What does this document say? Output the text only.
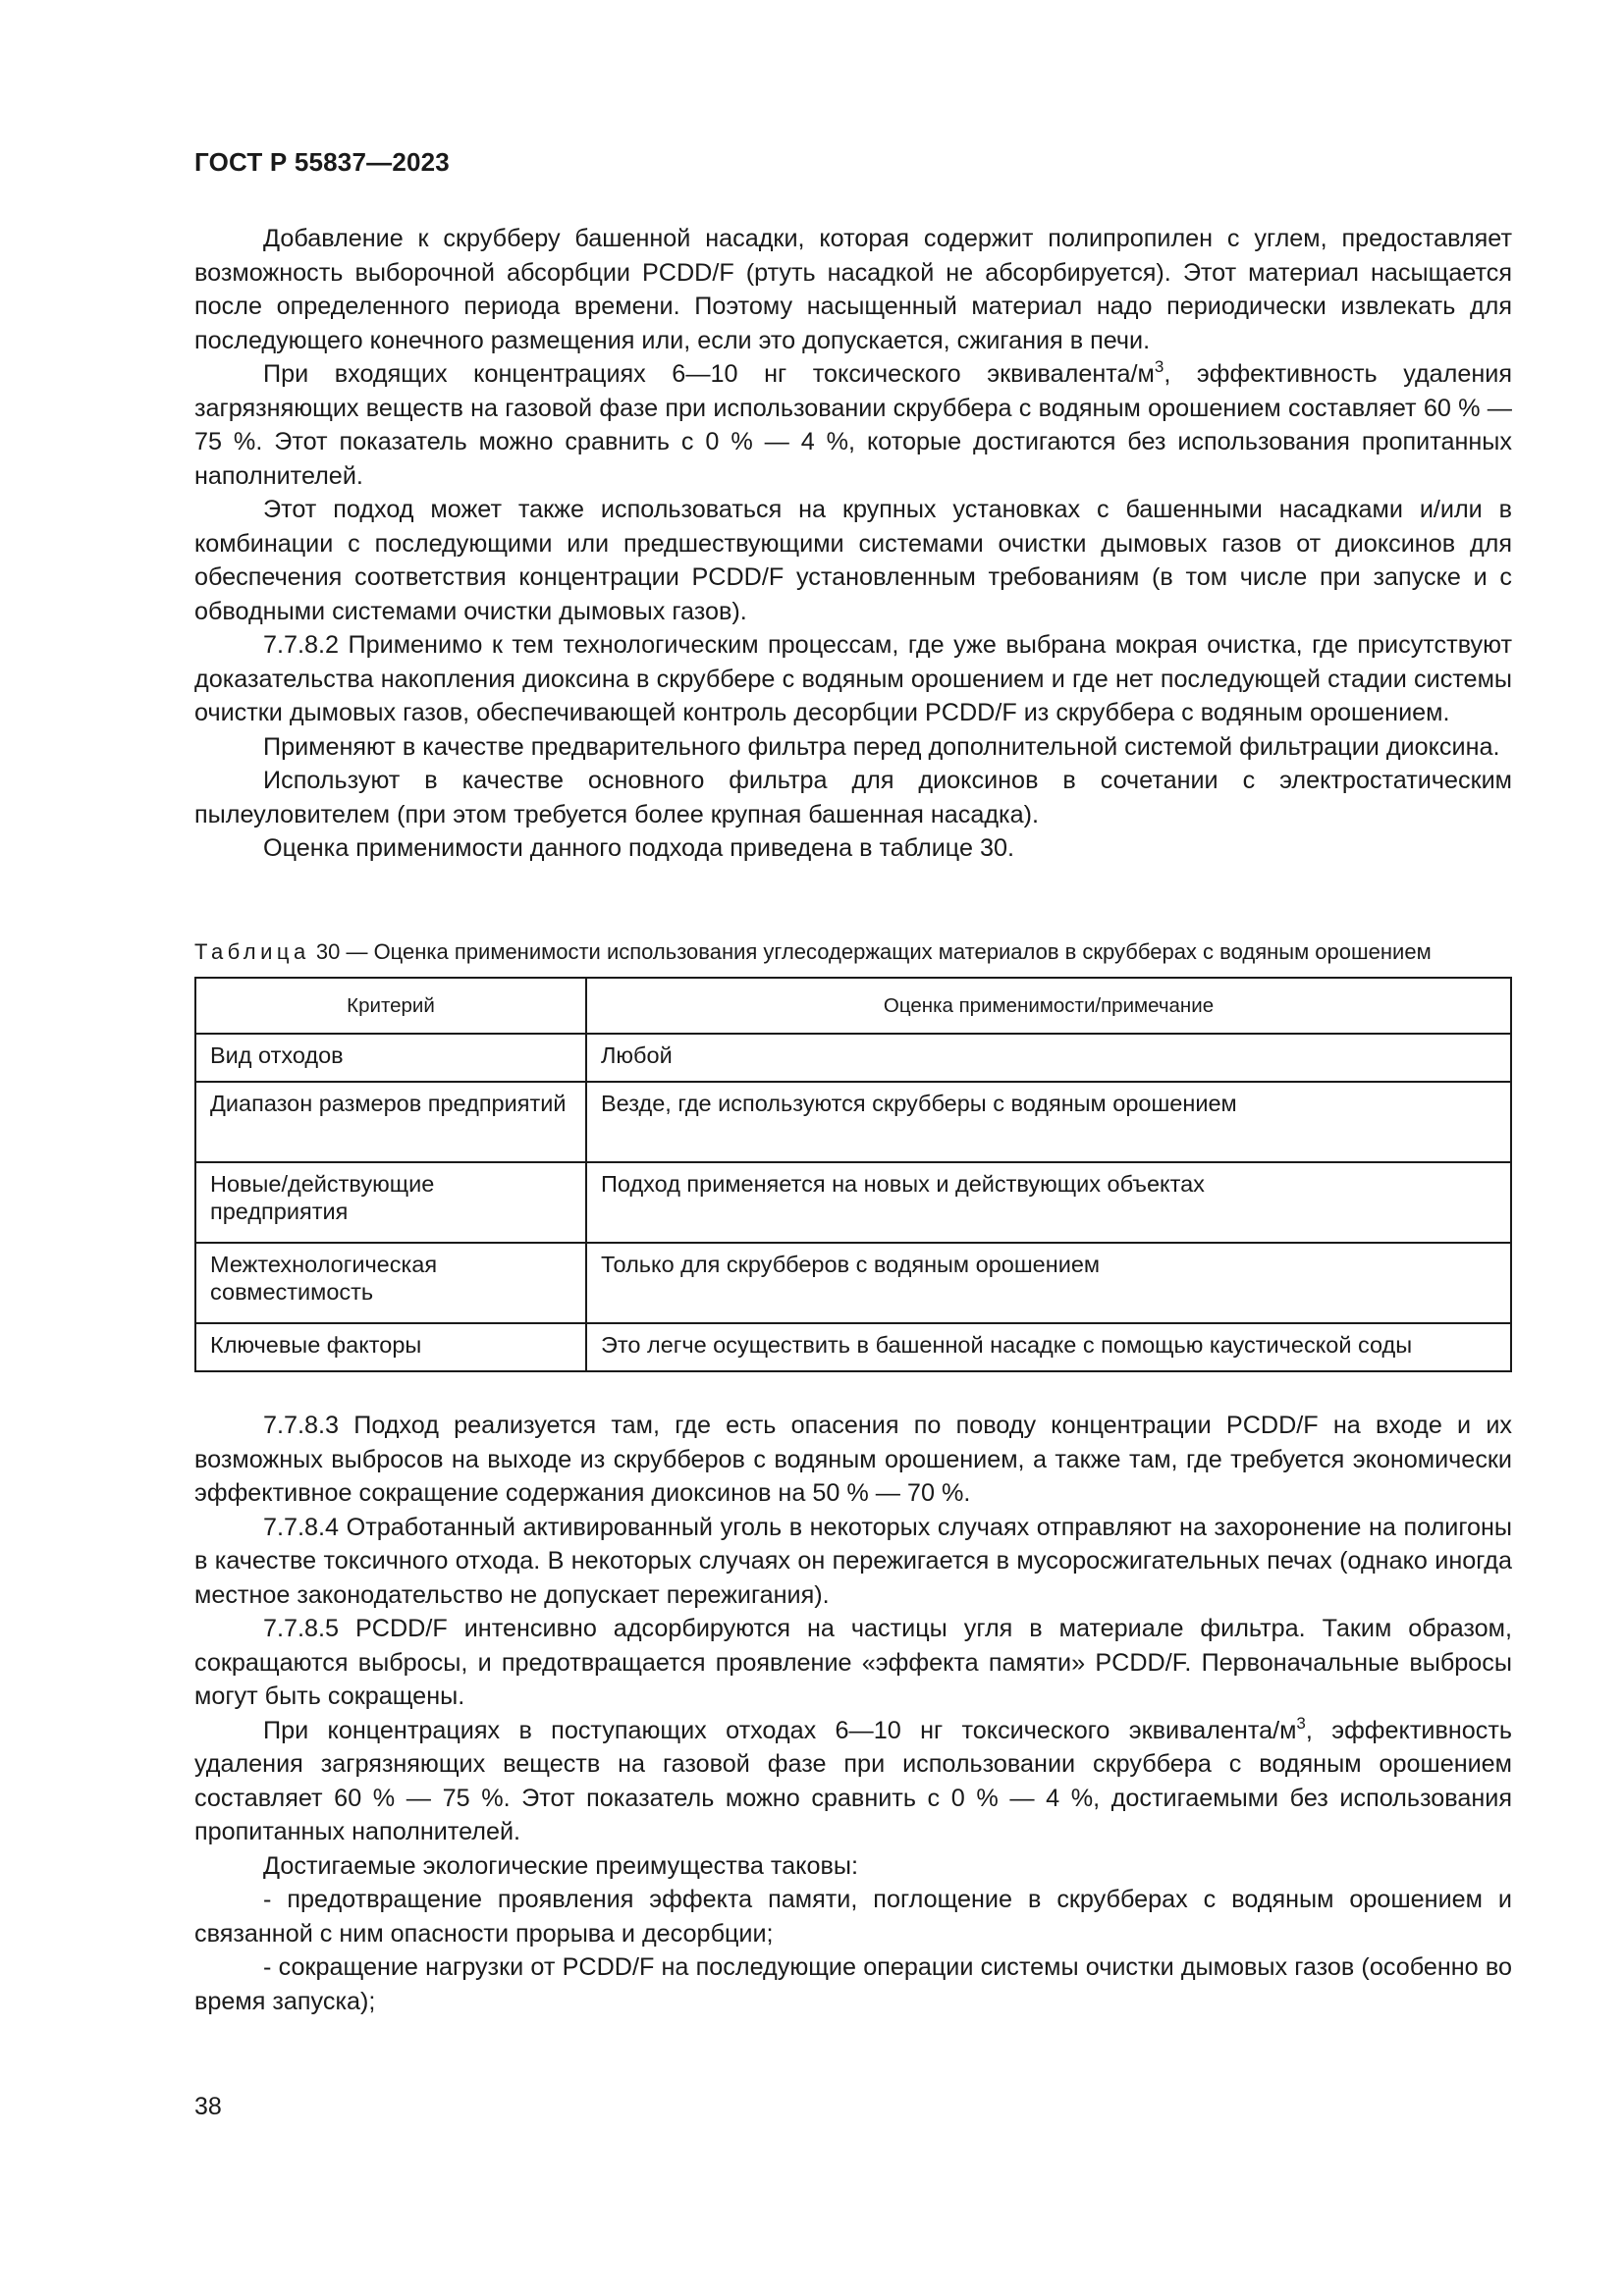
ГОСТ Р 55837—2023

Добавление к скрубберу башенной насадки, которая содержит полипропилен с углем, предоставляет возможность выборочной абсорбции PCDD/F (ртуть насадкой не абсорбируется). Этот материал насыщается после определенного периода времени. Поэтому насыщенный материал надо периодически извлекать для последующего конечного размещения или, если это допускается, сжигания в печи.

При входящих концентрациях 6—10 нг токсического эквивалента/$м^3$, эффективность удаления загрязняющих веществ на газовой фазе при использовании скруббера с водяным орошением составляет 60 % — 75 %. Этот показатель можно сравнить с 0 % — 4 %, которые достигаются без использования пропитанных наполнителей.

Этот подход может также использоваться на крупных установках с башенными насадками и/или в комбинации с последующими или предшествующими системами очистки дымовых газов от диоксинов для обеспечения соответствия концентрации PCDD/F установленным требованиям (в том числе при запуске и с обводными системами очистки дымовых газов).

7.7.8.2 Применимо к тем технологическим процессам, где уже выбрана мокрая очистка, где присутствуют доказательства накопления диоксина в скруббере с водяным орошением и где нет последующей стадии системы очистки дымовых газов, обеспечивающей контроль десорбции PCDD/F из скруббера с водяным орошением.

Применяют в качестве предварительного фильтра перед дополнительной системой фильтрации диоксина.

Используют в качестве основного фильтра для диоксинов в сочетании с электростатическим пылеуловителем (при этом требуется более крупная башенная насадка).

Оценка применимости данного подхода приведена в таблице 30.

Таблица 30 — Оценка применимости использования углесодержащих материалов в скрубберах с водяным орошением

Критерий	Оценка применимости/примечание
Вид отходов	Любой
Диапазон размеров предприятий	Везде, где используются скрубберы с водяным орошением
Новые/действующие предприятия	Подход применяется на новых и действующих объектах
Межтехнологическая совместимость	Только для скрубберов с водяным орошением
Ключевые факторы	Это легче осуществить в башенной насадке с помощью каустической соды

7.7.8.3 Подход реализуется там, где есть опасения по поводу концентрации PCDD/F на входе и их возможных выбросов на выходе из скрубберов с водяным орошением, а также там, где требуется экономически эффективное сокращение содержания диоксинов на 50 % — 70 %.

7.7.8.4 Отработанный активированный уголь в некоторых случаях отправляют на захоронение на полигоны в качестве токсичного отхода. В некоторых случаях он пережигается в мусоросжигательных печах (однако иногда местное законодательство не допускает пережигания).

7.7.8.5 PCDD/F интенсивно адсорбируются на частицы угля в материале фильтра. Таким образом, сокращаются выбросы, и предотвращается проявление «эффекта памяти» PCDD/F. Первоначальные выбросы могут быть сокращены.

При концентрациях в поступающих отходах 6—10 нг токсического эквивалента/$м^3$, эффективность удаления загрязняющих веществ на газовой фазе при использовании скруббера с водяным орошением составляет 60 % — 75 %. Этот показатель можно сравнить с 0 % — 4 %, достигаемыми без использования пропитанных наполнителей.

Достигаемые экологические преимущества таковы:

- предотвращение проявления эффекта памяти, поглощение в скрубберах с водяным орошением и связанной с ним опасности прорыва и десорбции;

- сокращение нагрузки от PCDD/F на последующие операции системы очистки дымовых газов (особенно во время запуска);

38
